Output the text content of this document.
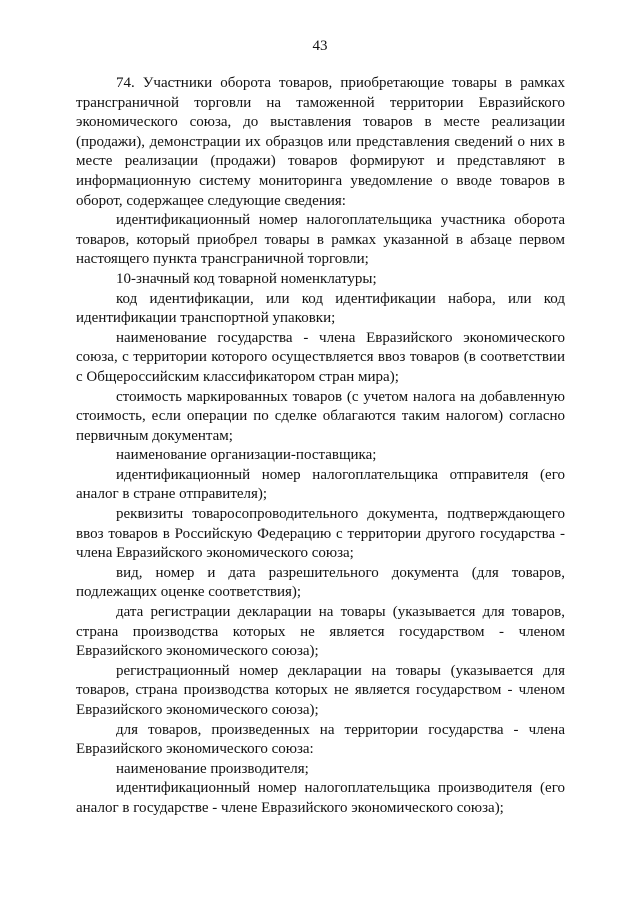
43

74. Участники оборота товаров, приобретающие товары в рамках трансграничной торговли на таможенной территории Евразийского экономического союза, до выставления товаров в месте реализации (продажи), демонстрации их образцов или представления сведений о них в месте реализации (продажи) товаров формируют и представляют в информационную систему мониторинга уведомление о вводе товаров в оборот, содержащее следующие сведения:

идентификационный номер налогоплательщика участника оборота товаров, который приобрел товары в рамках указанной в абзаце первом настоящего пункта трансграничной торговли;

10-значный код товарной номенклатуры;

код идентификации, или код идентификации набора, или код идентификации транспортной упаковки;

наименование государства - члена Евразийского экономического союза, с территории которого осуществляется ввоз товаров (в соответствии с Общероссийским классификатором стран мира);

стоимость маркированных товаров (с учетом налога на добавленную стоимость, если операции по сделке облагаются таким налогом) согласно первичным документам;

наименование организации-поставщика;

идентификационный номер налогоплательщика отправителя (его аналог в стране отправителя);

реквизиты товаросопроводительного документа, подтверждающего ввоз товаров в Российскую Федерацию с территории другого государства - члена Евразийского экономического союза;

вид, номер и дата разрешительного документа (для товаров, подлежащих оценке соответствия);

дата регистрации декларации на товары (указывается для товаров, страна производства которых не является государством - членом Евразийского экономического союза);

регистрационный номер декларации на товары (указывается для товаров, страна производства которых не является государством - членом Евразийского экономического союза);

для товаров, произведенных на территории государства - члена Евразийского экономического союза:

наименование производителя;

идентификационный номер налогоплательщика производителя (его аналог в государстве - члене Евразийского экономического союза);
